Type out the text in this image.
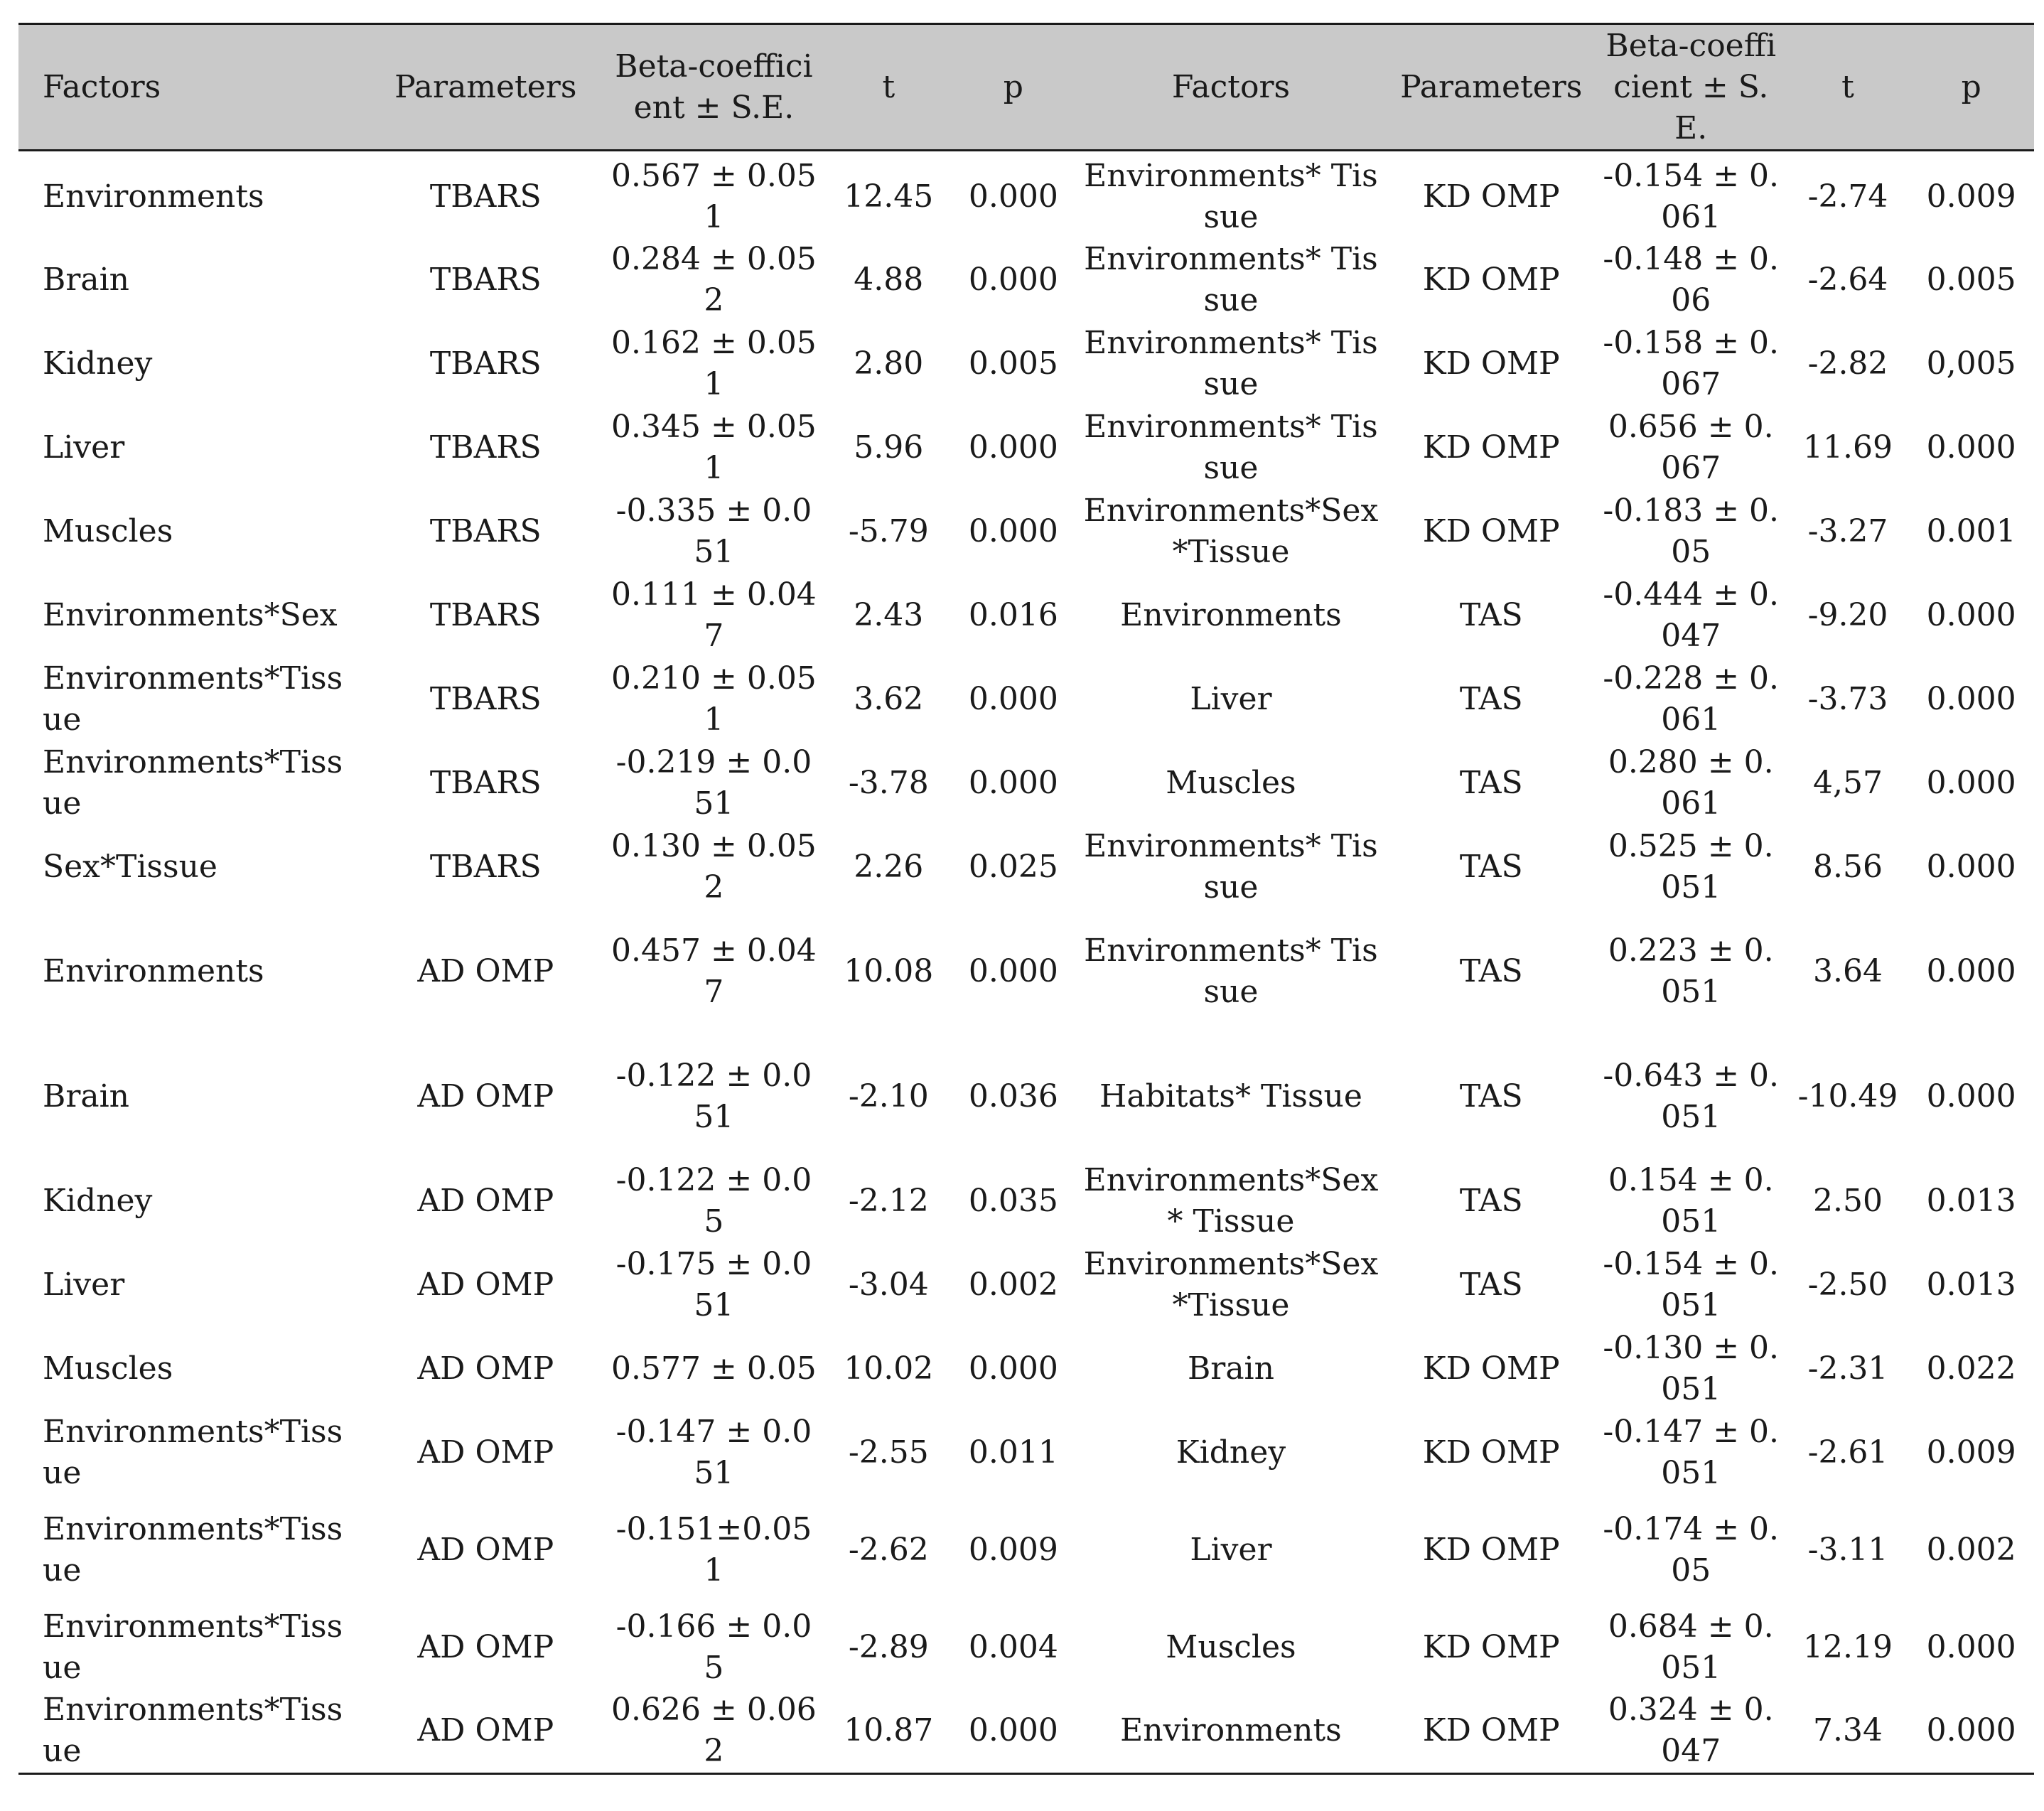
Factors	Parameters	Beta-coefficient ± S.E.	t	p	Factors	Parameters	Beta-coefficient ± S.E.	t	p
Environments	TBARS	0.567 ± 0.051	12.45	0.000	Environments* Tissue	KD OMP	-0.154 ± 0.061	-2.74	0.009
Brain	TBARS	0.284 ± 0.052	4.88	0.000	Environments* Tissue	KD OMP	-0.148 ± 0.06	-2.64	0.005
Kidney	TBARS	0.162 ± 0.051	2.80	0.005	Environments* Tissue	KD OMP	-0.158 ± 0.067	-2.82	0,005
Liver	TBARS	0.345 ± 0.051	5.96	0.000	Environments* Tissue	KD OMP	0.656 ± 0.067	11.69	0.000
Muscles	TBARS	-0.335 ± 0.051	-5.79	0.000	Environments*Sex *Tissue	KD OMP	-0.183 ± 0.05	-3.27	0.001
Environments*Sex	TBARS	0.111 ± 0.047	2.43	0.016	Environments	TAS	-0.444 ± 0.047	-9.20	0.000
Environments*Tissue	TBARS	0.210 ± 0.051	3.62	0.000	Liver	TAS	-0.228 ± 0.061	-3.73	0.000
Environments*Tissue	TBARS	-0.219 ± 0.051	-3.78	0.000	Muscles	TAS	0.280 ± 0.061	4,57	0.000
Sex*Tissue	TBARS	0.130 ± 0.052	2.26	0.025	Environments* Tissue	TAS	0.525 ± 0.051	8.56	0.000
Environments	AD OMP	0.457 ± 0.047	10.08	0.000	Environments* Tissue	TAS	0.223 ± 0.051	3.64	0.000
Brain	AD OMP	-0.122 ± 0.051	-2.10	0.036	Habitats* Tissue	TAS	-0.643 ± 0.051	-10.49	0.000
Kidney	AD OMP	-0.122 ± 0.05	-2.12	0.035	Environments*Sex * Tissue	TAS	0.154 ± 0.051	2.50	0.013
Liver	AD OMP	-0.175 ± 0.051	-3.04	0.002	Environments*Sex *Tissue	TAS	-0.154 ± 0.051	-2.50	0.013
Muscles	AD OMP	0.577 ± 0.05	10.02	0.000	Brain	KD OMP	-0.130 ± 0.051	-2.31	0.022
Environments*Tissue	AD OMP	-0.147 ± 0.051	-2.55	0.011	Kidney	KD OMP	-0.147 ± 0.051	-2.61	0.009
Environments*Tissue	AD OMP	-0.151±0.051	-2.62	0.009	Liver	KD OMP	-0.174 ± 0.05	-3.11	0.002
Environments*Tissue	AD OMP	-0.166 ± 0.05	-2.89	0.004	Muscles	KD OMP	0.684 ± 0.051	12.19	0.000
Environments*Tissue	AD OMP	0.626 ± 0.062	10.87	0.000	Environments	KD OMP	0.324 ± 0.047	7.34	0.000
